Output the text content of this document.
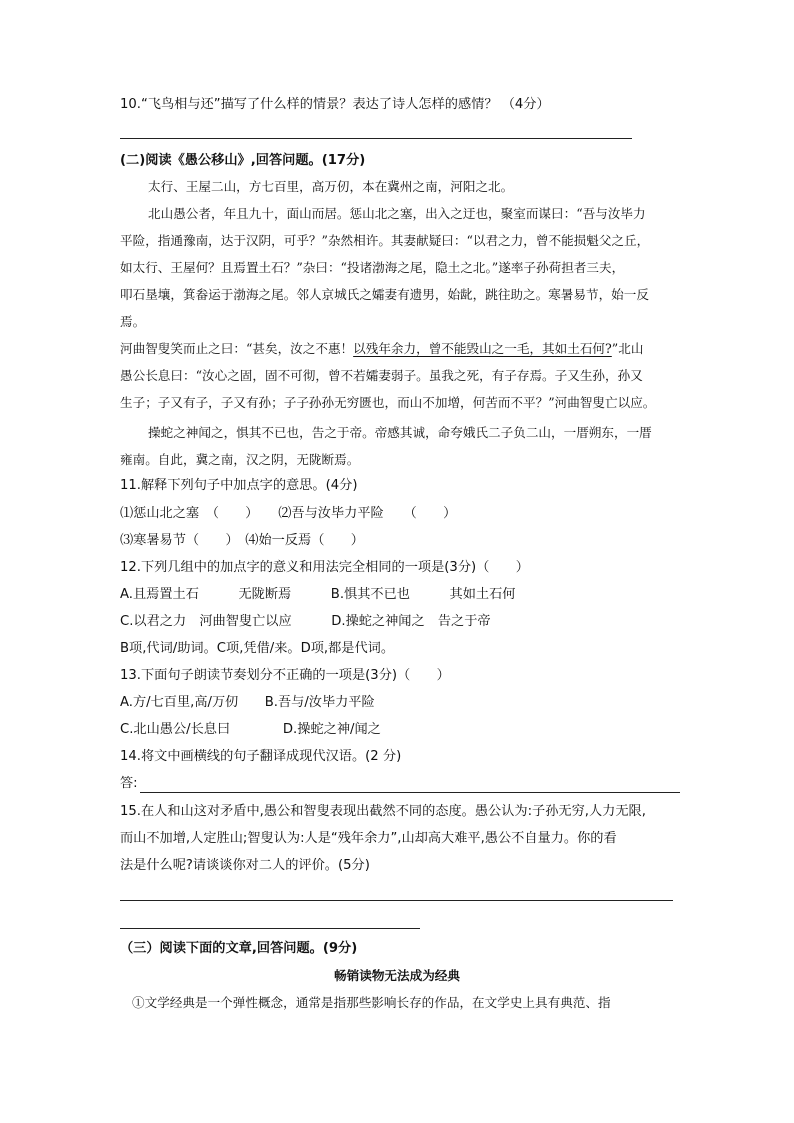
10.“飞鸟相与还”描写了什么样的情景？表达了诗人怎样的感情？ （4分）
(二)阅读《愚公移山》,回答问题。(17分)
太行、王屋二山，方七百里，高万仞，本在冀州之南，河阳之北。
北山愚公者，年且九十，面山而居。惩山北之塞，出入之迂也，聚室而谋曰：“吾与汝毕力
平险，指通豫南，达于汉阴，可乎？”杂然相许。其妻献疑曰：“以君之力，曾不能损魁父之丘，
如太行、王屋何？且焉置土石？”杂曰：“投诸渤海之尾，隐土之北。”遂率子孙荷担者三夫，
叩石垦壤，箕畚运于渤海之尾。邻人京城氏之孀妻有遗男，始龀，跳往助之。寒暑易节，始一反
焉。
河曲智叟笑而止之曰：“甚矣，汝之不惠！以残年余力，曾不能毁山之一毛，其如土石何?”北山
愚公长息曰：“汝心之固，固不可彻，曾不若孀妻弱子。虽我之死，有子存焉。子又生孙，孙又
生子；子又有子，子又有孙；子子孙孙无穷匮也，而山不加增，何苦而不平？”河曲智叟亡以应。
操蛇之神闻之，惧其不已也，告之于帝。帝感其诚，命夸娥氏二子负二山，一厝朔东，一厝
雍南。自此，冀之南，汉之阴，无陇断焉。
11.解释下列句子中加点字的意思。(4分)
⑴惩山北之塞　（　　）　　⑵吾与汝毕力平险　　（　　）
⑶寒暑易节（　　）　⑷始一反焉（　　）
12.下列几组中的加点字的意义和用法完全相同的一项是(3分)（　　）
A.且焉置土石　　　无陇断焉　　　B.惧其不已也　　　其如土石何
C.以君之力　河曲智叟亡以应　　　D.操蛇之神闻之　告之于帝
B项,代词/助词。C项,凭借/来。D项,都是代词。
13.下面句子朗读节奏划分不正确的一项是(3分)（　　）
A.方/七百里,高/万仞　　B.吾与/汝毕力平险
C.北山愚公/长息曰　　　　D.操蛇之神/闻之
14.将文中画横线的句子翻译成现代汉语。(2 分)
答:
15.在人和山这对矛盾中,愚公和智叟表现出截然不同的态度。愚公认为:子孙无穷,人力无限,
而山不加增,人定胜山;智叟认为:人是“残年余力”,山却高大难平,愚公不自量力。你的看
法是什么呢?请谈谈你对二人的评价。(5分)
（三）阅读下面的文章,回答问题。(9分)
畅销读物无法成为经典
①文学经典是一个弹性概念，通常是指那些影响长存的作品，在文学史上具有典范、指
